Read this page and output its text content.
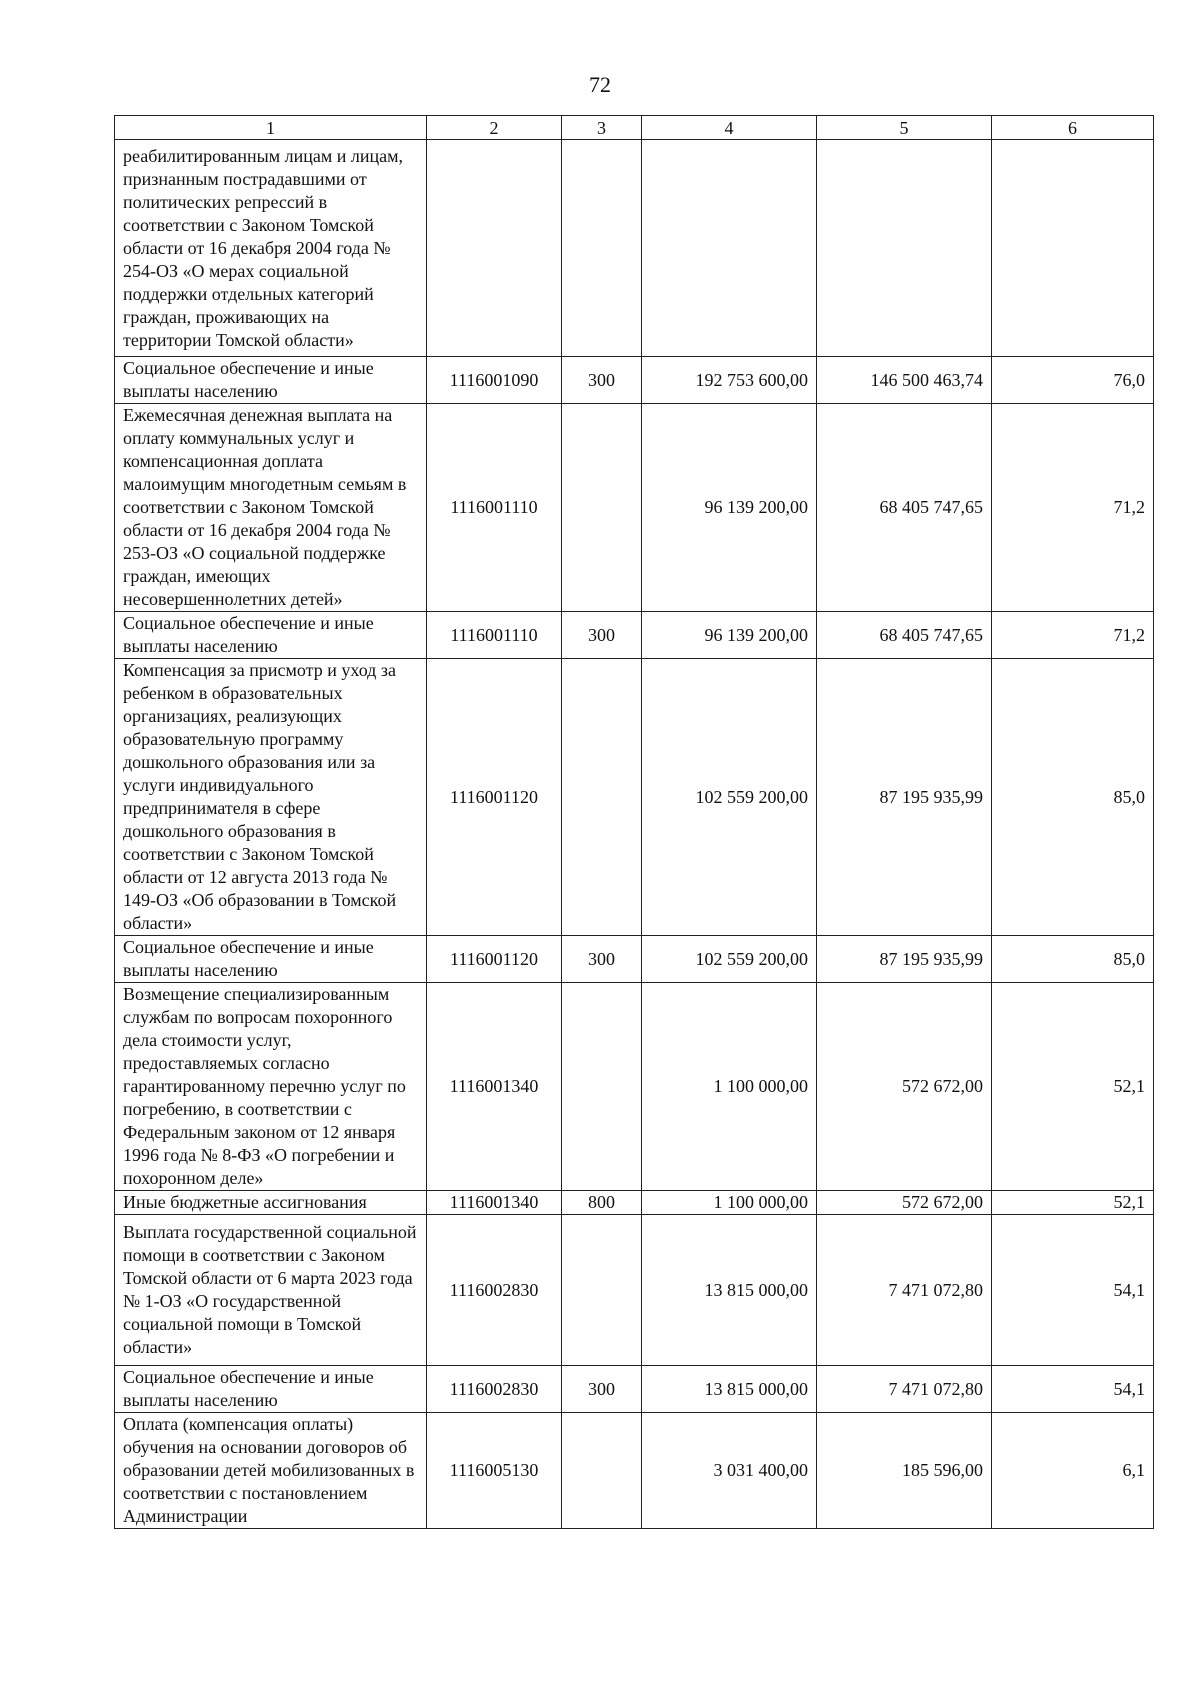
72
1	2	3	4	5	6
реабилитированным лицам и лицам, признанным пострадавшими от политических репрессий в соответствии с Законом Томской области от 16 декабря 2004 года № 254-ОЗ «О мерах социальной поддержки отдельных категорий граждан, проживающих на территории Томской области»					
Социальное обеспечение и иные выплаты населению	1116001090	300	192 753 600,00	146 500 463,74	76,0
Ежемесячная денежная выплата на оплату коммунальных услуг и компенсационная доплата малоимущим многодетным семьям в соответствии с Законом Томской области от 16 декабря 2004 года № 253-ОЗ «О социальной поддержке граждан, имеющих несовершеннолетних детей»	1116001110		96 139 200,00	68 405 747,65	71,2
Социальное обеспечение и иные выплаты населению	1116001110	300	96 139 200,00	68 405 747,65	71,2
Компенсация за присмотр и уход за ребенком в образовательных организациях, реализующих образовательную программу дошкольного образования или за услуги индивидуального предпринимателя в сфере дошкольного образования в соответствии с Законом Томской области от 12 августа 2013 года № 149-ОЗ «Об образовании в Томской области»	1116001120		102 559 200,00	87 195 935,99	85,0
Социальное обеспечение и иные выплаты населению	1116001120	300	102 559 200,00	87 195 935,99	85,0
Возмещение специализированным службам по вопросам похоронного дела стоимости услуг, предоставляемых согласно гарантированному перечню услуг по погребению, в соответствии с Федеральным законом от 12 января 1996 года № 8-ФЗ «О погребении и похоронном деле»	1116001340		1 100 000,00	572 672,00	52,1
Иные бюджетные ассигнования	1116001340	800	1 100 000,00	572 672,00	52,1
Выплата государственной социальной помощи в соответствии с Законом Томской области от 6 марта 2023 года № 1-ОЗ «О государственной социальной помощи в Томской области»	1116002830		13 815 000,00	7 471 072,80	54,1
Социальное обеспечение и иные выплаты населению	1116002830	300	13 815 000,00	7 471 072,80	54,1
Оплата (компенсация оплаты) обучения на основании договоров об образовании детей мобилизованных в соответствии с постановлением Администрации	1116005130		3 031 400,00	185 596,00	6,1
